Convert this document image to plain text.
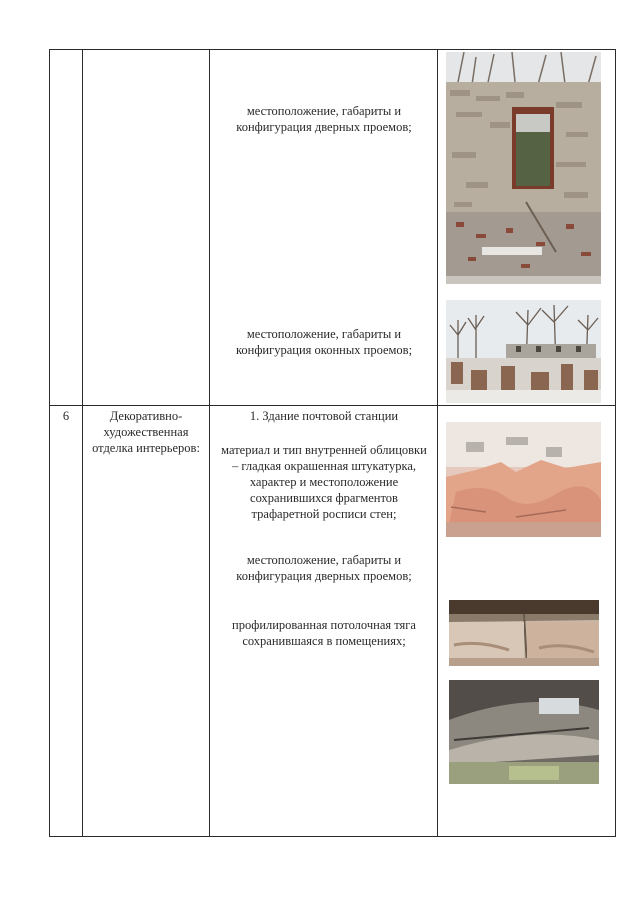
местоположение, габариты и конфигурация дверных проемов;
местоположение, габариты и конфигурация оконных проемов;
6	Декоративно-художественная отделка интерьеров:
1. Здание почтовой станции
материал и тип внутренней облицовки – гладкая окрашенная штукатурка, характер и местоположение сохранившихся фрагментов трафаретной росписи стен;
местоположение, габариты и конфигурация дверных проемов;
профилированная потолочная тяга сохранившаяся в помещениях;
